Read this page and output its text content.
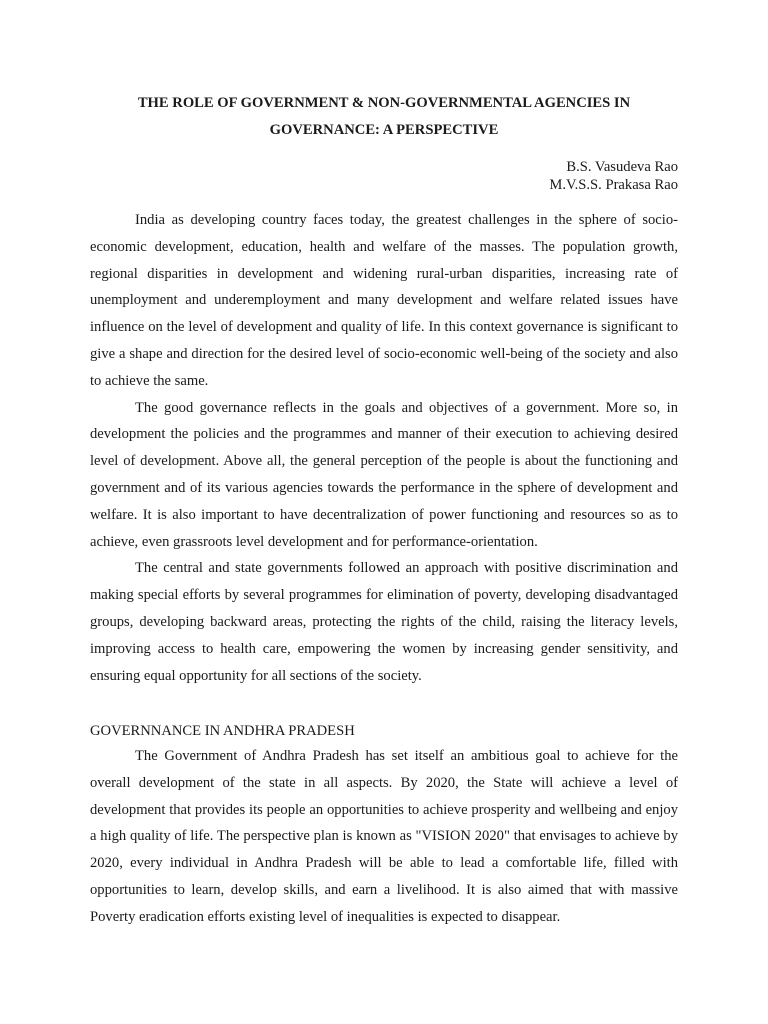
THE ROLE OF GOVERNMENT & NON-GOVERNMENTAL AGENCIES IN
GOVERNANCE: A PERSPECTIVE
B.S. Vasudeva Rao
M.V.S.S. Prakasa Rao

India as developing country faces today, the greatest challenges in the sphere of socio-economic development, education, health and welfare of the masses. The population growth, regional disparities in development and widening rural-urban disparities, increasing rate of unemployment and underemployment and many development and welfare related issues have influence on the level of development and quality of life. In this context governance is significant to give a shape and direction for the desired level of socio-economic well-being of the society and also to achieve the same.

The good governance reflects in the goals and objectives of a government. More so, in development the policies and the programmes and manner of their execution to achieving desired level of development. Above all, the general perception of the people is about the functioning and government and of its various agencies towards the performance in the sphere of development and welfare. It is also important to have decentralization of power functioning and resources so as to achieve, even grassroots level development and for performance-orientation.

The central and state governments followed an approach with positive discrimination and making special efforts by several programmes for elimination of poverty, developing disadvantaged groups, developing backward areas, protecting the rights of the child, raising the literacy levels, improving access to health care, empowering the women by increasing gender sensitivity, and ensuring equal opportunity for all sections of the society.

GOVERNNANCE IN ANDHRA PRADESH

The Government of Andhra Pradesh has set itself an ambitious goal to achieve for the overall development of the state in all aspects. By 2020, the State will achieve a level of development that provides its people an opportunities to achieve prosperity and wellbeing and enjoy a high quality of life. The perspective plan is known as "VISION 2020" that envisages to achieve by 2020, every individual in Andhra Pradesh will be able to lead a comfortable life, filled with opportunities to learn, develop skills, and earn a livelihood. It is also aimed that with massive Poverty eradication efforts existing level of inequalities is expected to disappear.
